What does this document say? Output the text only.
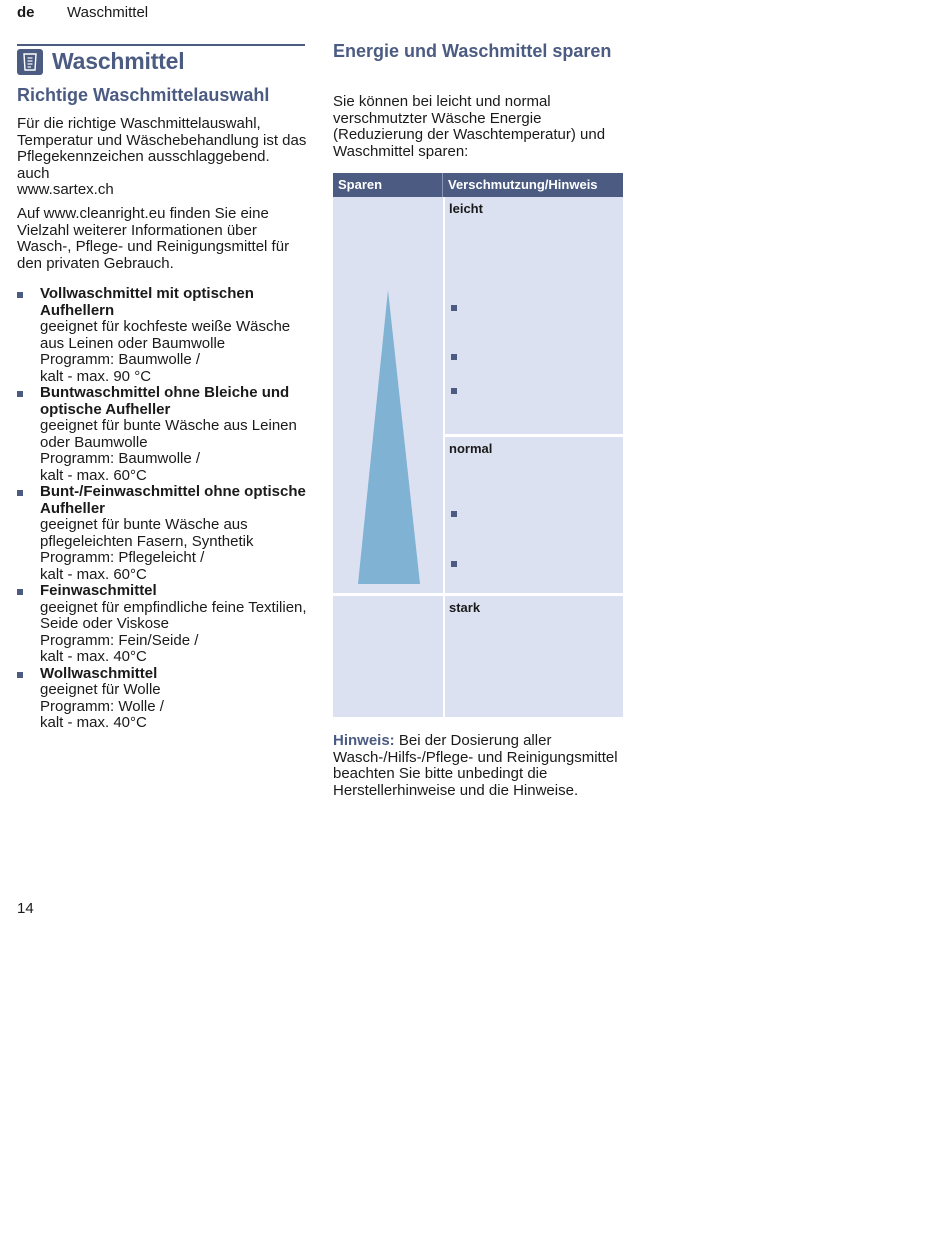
de Waschmittel
Waschmittel
Richtige Waschmittelauswahl

Für die richtige Waschmittelauswahl, Temperatur und Wäschebehandlung ist das Pflegekennzeichen ausschlaggebend.auch
www.sartex.ch

Auf www.cleanright.eu finden Sie eine Vielzahl weiterer Informationen über Wasch-, Pflege- und Reinigungsmittel für den privaten Gebrauch.

Vollwaschmittel mit optischen Aufhellern
geeignet für kochfeste weiße Wäsche aus Leinen oder Baumwolle
Programm: Baumwolle /
kalt - max. 90 °C
Buntwaschmittel ohne Bleiche und optische Aufheller
geeignet für bunte Wäsche aus Leinen oder Baumwolle
Programm: Baumwolle /
kalt - max. 60°C
Bunt-/Feinwaschmittel ohne optische Aufheller
geeignet für bunte Wäsche aus pflegeleichten Fasern, Synthetik
Programm: Pflegeleicht /
kalt - max. 60°C
Feinwaschmittel
geeignet für empfindliche feine Textilien, Seide oder Viskose
Programm: Fein/Seide /
kalt - max. 40°C
Wollwaschmittel
geeignet für Wolle
Programm: Wolle /
kalt - max. 40°C
Energie und Waschmittel sparen

Sie können bei leicht und normal verschmutzter Wäsche Energie (Reduzierung der Waschtemperatur) und Waschmittel sparen:

Sparen	Verschmutzung/Hinweis
leicht
normal
stark

Hinweis: Bei der Dosierung aller Wasch-/Hilfs-/Pflege- und Reinigungsmittel beachten Sie bitte unbedingt die Herstellerhinweise und die Hinweise.

14
